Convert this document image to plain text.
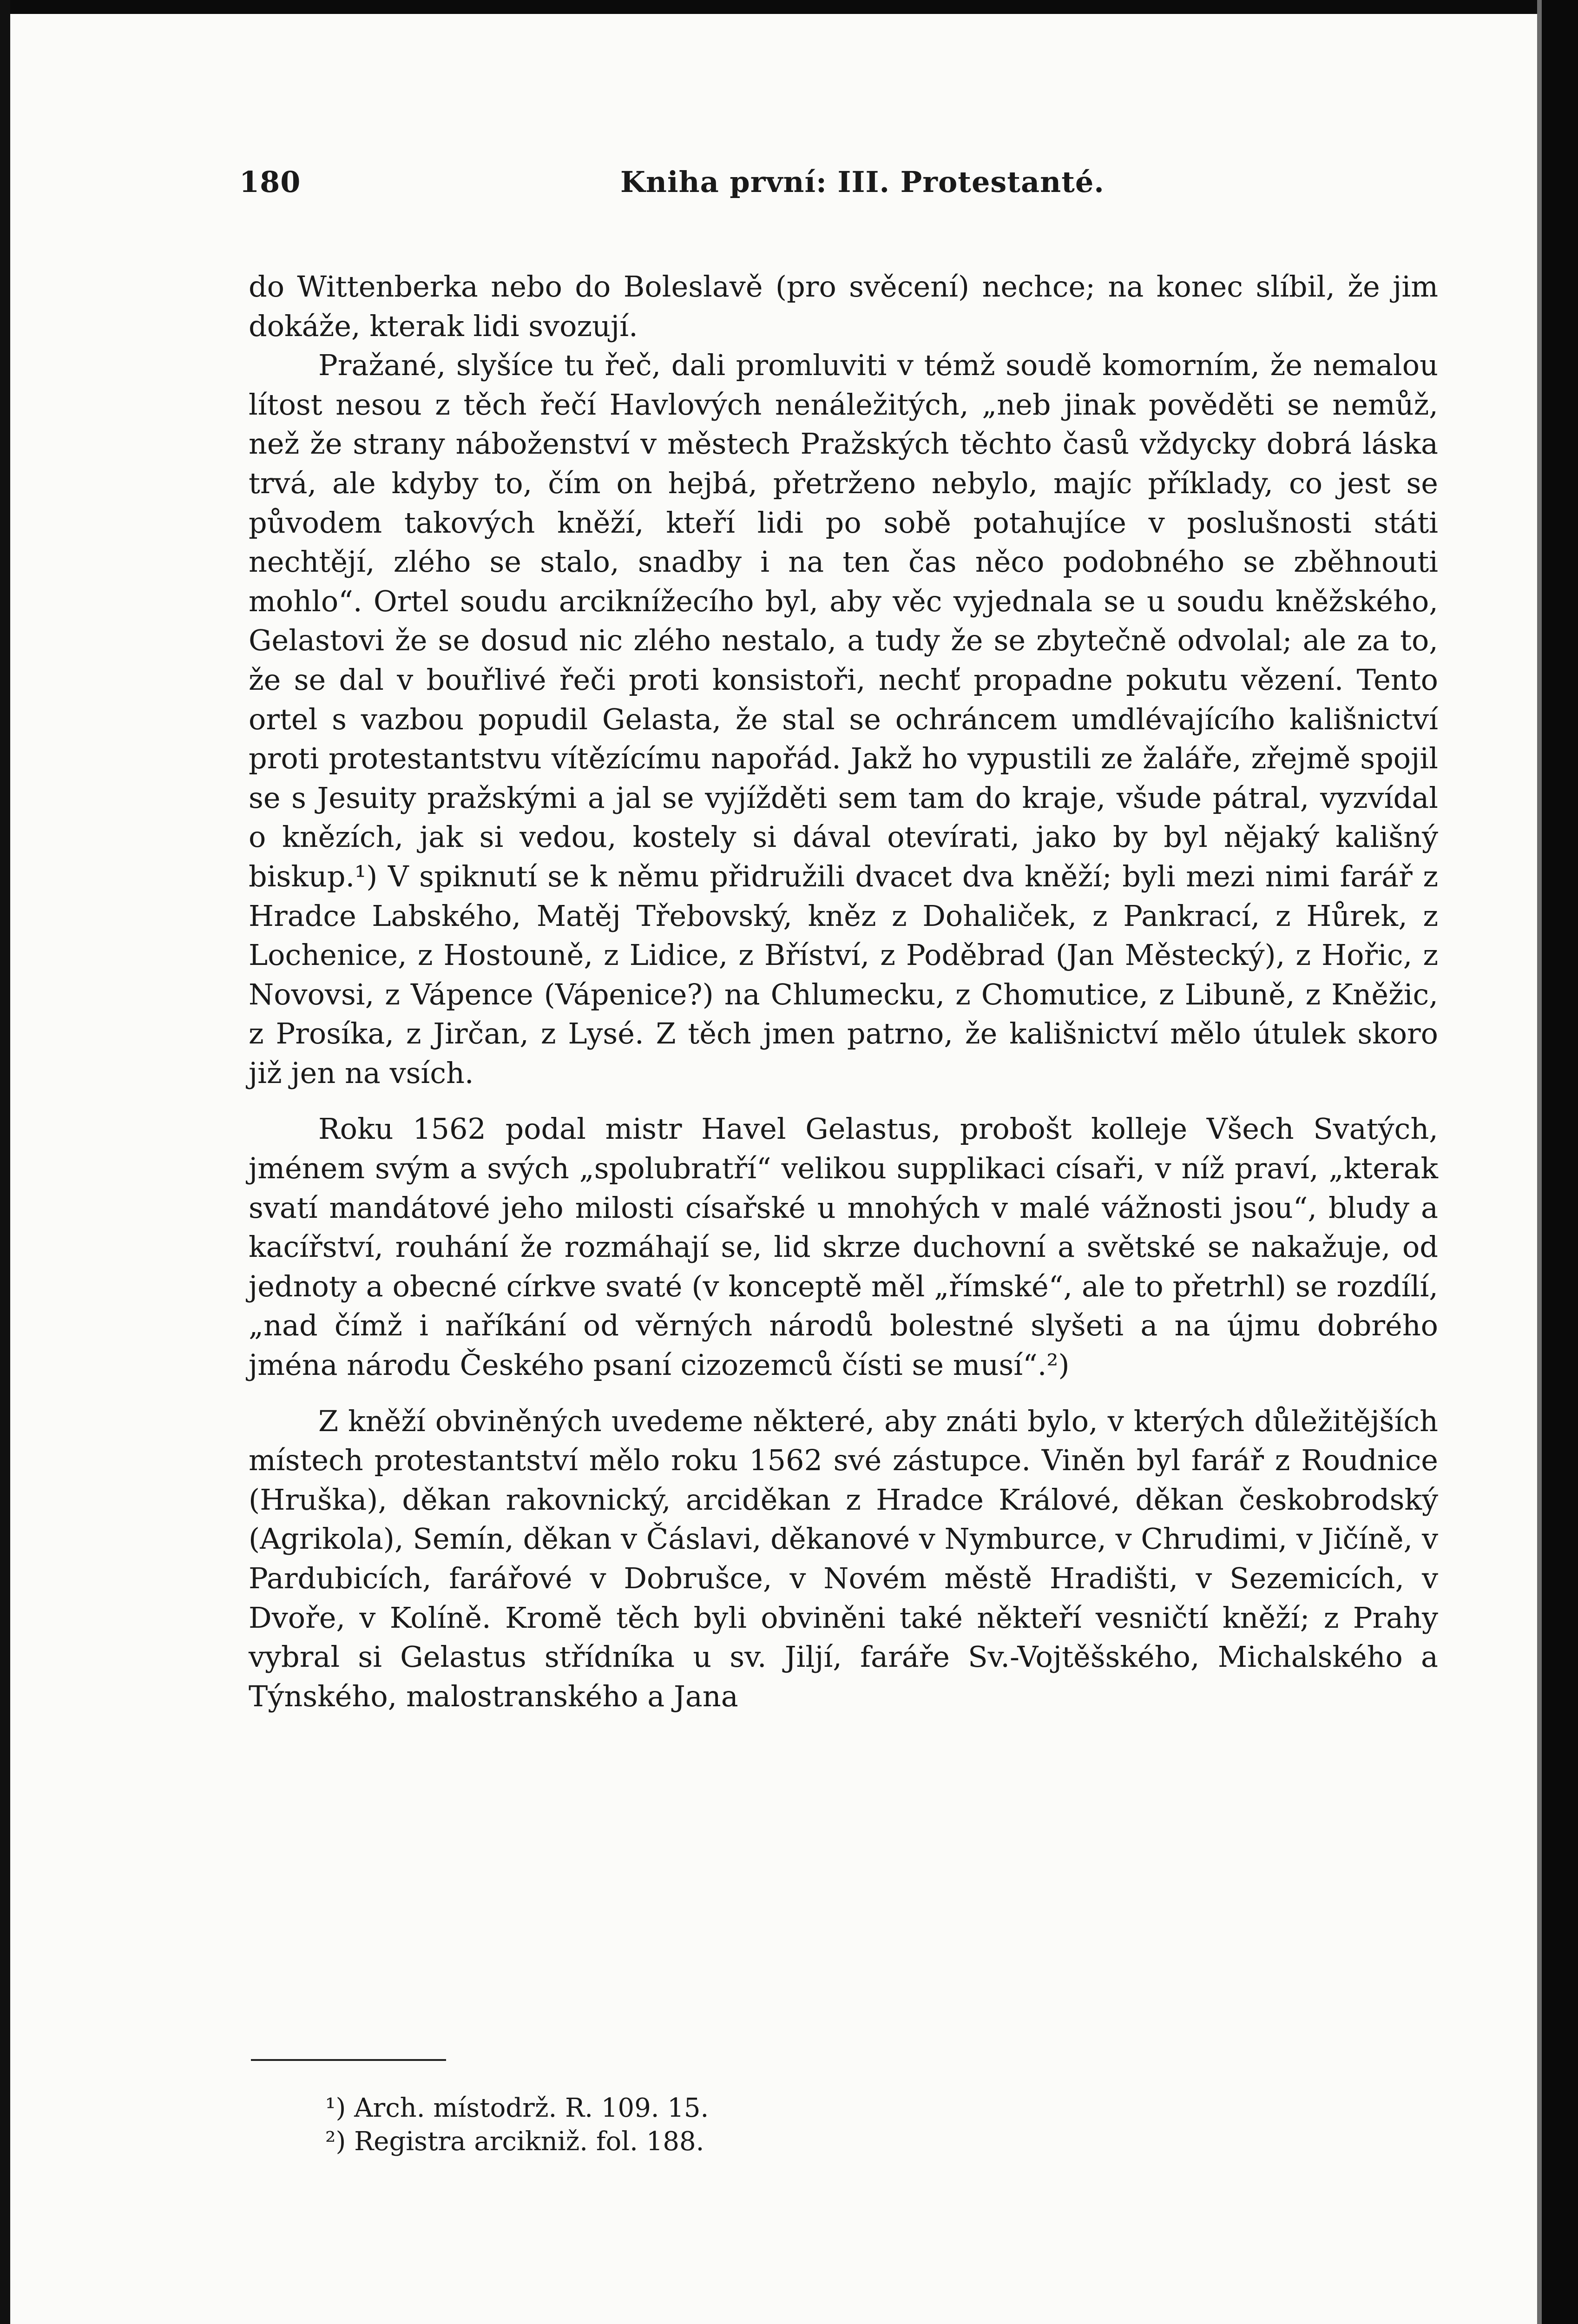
180	Kniha první: III. Protestanté.

do Wittenberka nebo do Boleslavě (pro svěcení) nechce; na konec slíbil, že jim dokáže, kterak lidi svozují.

Pražané, slyšíce tu řeč, dali promluviti v témž soudě komorním, že nemalou lítost nesou z těch řečí Havlových nenáležitých, „neb jinak pověděti se nemůž, než že strany náboženství v městech Pražských těchto časů vždycky dobrá láska trvá, ale kdyby to, čím on hejbá, přetrženo nebylo, majíc příklady, co jest se původem takových kněží, kteří lidi po sobě potahujíce v poslušnosti státi nechtějí, zlého se stalo, snadby i na ten čas něco podobného se zběhnouti mohlo“. Ortel soudu arciknížecího byl, aby věc vyjednala se u soudu kněžského, Gelastovi že se dosud nic zlého nestalo, a tudy že se zbytečně odvolal; ale za to, že se dal v bouřlivé řeči proti konsistoři, nechť propadne pokutu vězení. Tento ortel s vazbou popudil Gelasta, že stal se ochráncem umdlévajícího kališnictví proti protestantstvu vítězícímu napořád. Jakž ho vypustili ze žaláře, zřejmě spojil se s Jesuity pražskými a jal se vyjížděti sem tam do kraje, všude pátral, vyzvídal o knězích, jak si vedou, kostely si dával otevírati, jako by byl nějaký kališný biskup.¹) V spiknutí se k němu přidružili dvacet dva kněží; byli mezi nimi farář z Hradce Labského, Matěj Třebovský, kněz z Dohaliček, z Pankrací, z Hůrek, z Lochenice, z Hostouně, z Lidice, z Bříství, z Poděbrad (Jan Městecký), z Hořic, z Novovsi, z Vápence (Vápenice?) na Chlumecku, z Chomutice, z Libuně, z Kněžic, z Prosíka, z Jirčan, z Lysé. Z těch jmen patrno, že kališnictví mělo útulek skoro již jen na vsích.

Roku 1562 podal mistr Havel Gelastus, probošt kolleje Všech Svatých, jménem svým a svých „spolubratří“ velikou supplikaci císaři, v níž praví, „kterak svatí mandátové jeho milosti císařské u mnohých v malé vážnosti jsou“, bludy a kacířství, rouhání že rozmáhají se, lid skrze duchovní a světské se nakažuje, od jednoty a obecné církve svaté (v konceptě měl „římské“, ale to přetrhl) se rozdílí, „nad čímž i naříkání od věrných národů bolestné slyšeti a na újmu dobrého jména národu Českého psaní cizozemců čísti se musí“.²)

Z kněží obviněných uvedeme některé, aby znáti bylo, v kterých důležitějších místech protestantství mělo roku 1562 své zástupce. Viněn byl farář z Roudnice (Hruška), děkan rakovnický, arciděkan z Hradce Králové, děkan českobrodský (Agrikola), Semín, děkan v Čáslavi, děkanové v Nymburce, v Chrudimi, v Jičíně, v Pardubicích, farářové v Dobrušce, v Novém městě Hradišti, v Sezemicích, v Dvoře, v Kolíně. Kromě těch byli obviněni také někteří vesničtí kněží; z Prahy vybral si Gelastus střídníka u sv. Jiljí, faráře Sv.-Vojtěšského, Michalského a Týnského, malostranského a Jana

¹) Arch. místodrž. R. 109. 15.
²) Registra arcikniž. fol. 188.
